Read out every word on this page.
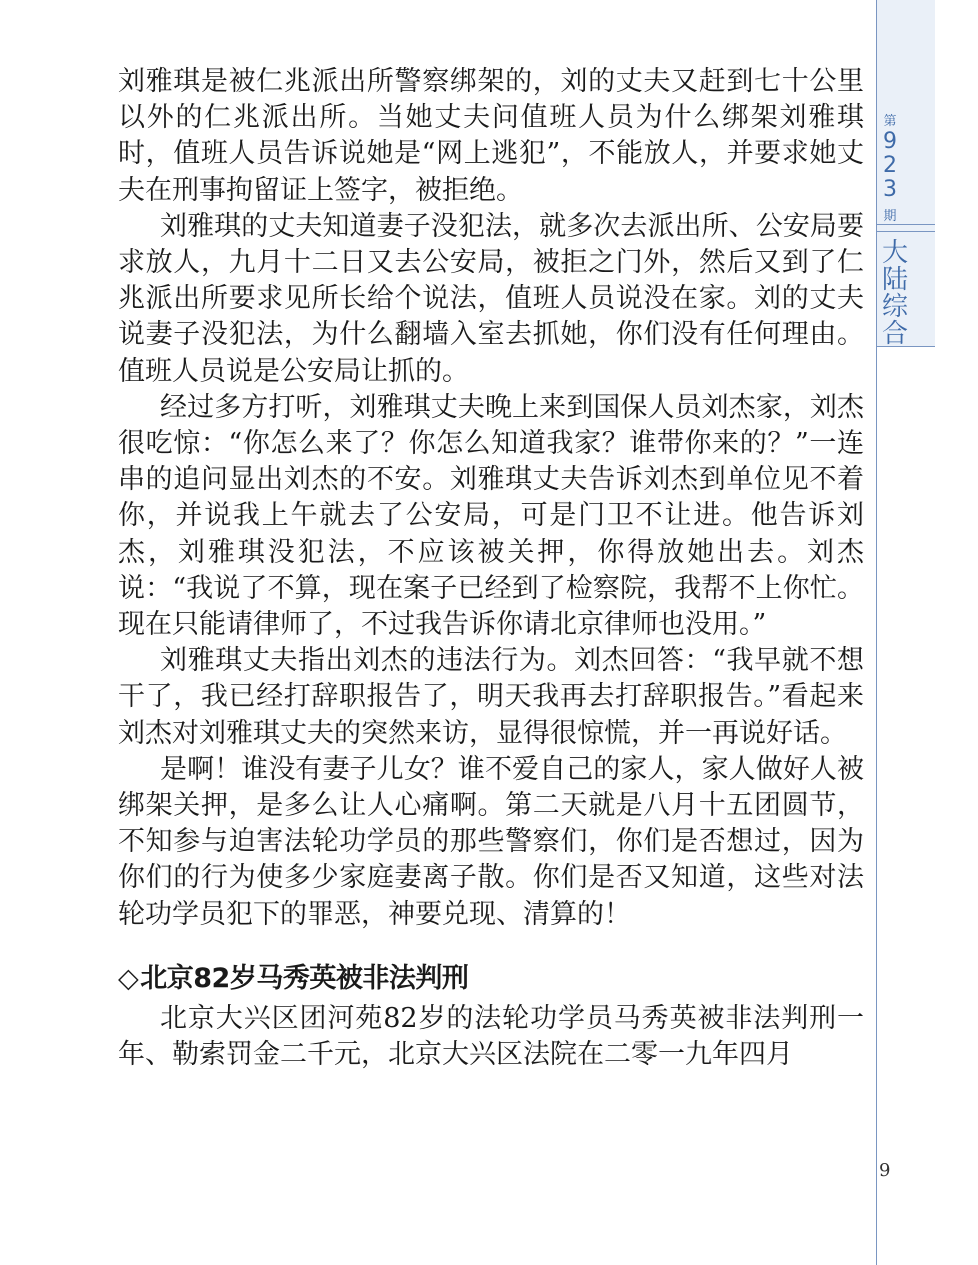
刘雅琪是被仁兆派出所警察绑架的，刘的丈夫又赶到七十公里以外的仁兆派出所。当她丈夫问值班人员为什么绑架刘雅琪时，值班人员告诉说她是“网上逃犯”，不能放人，并要求她丈夫在刑事拘留证上签字，被拒绝。

刘雅琪的丈夫知道妻子没犯法，就多次去派出所、公安局要求放人，九月十二日又去公安局，被拒之门外，然后又到了仁兆派出所要求见所长给个说法，值班人员说没在家。刘的丈夫说妻子没犯法，为什么翻墙入室去抓她，你们没有任何理由。值班人员说是公安局让抓的。

经过多方打听，刘雅琪丈夫晚上来到国保人员刘杰家，刘杰很吃惊：“你怎么来了？你怎么知道我家？谁带你来的？”一连串的追问显出刘杰的不安。刘雅琪丈夫告诉刘杰到单位见不着你，并说我上午就去了公安局，可是门卫不让进。他告诉刘杰，刘雅琪没犯法，不应该被关押，你得放她出去。刘杰说：“我说了不算，现在案子已经到了检察院，我帮不上你忙。现在只能请律师了，不过我告诉你请北京律师也没用。”

刘雅琪丈夫指出刘杰的违法行为。刘杰回答：“我早就不想干了，我已经打辞职报告了，明天我再去打辞职报告。”看起来刘杰对刘雅琪丈夫的突然来访，显得很惊慌，并一再说好话。

是啊！谁没有妻子儿女？谁不爱自己的家人，家人做好人被绑架关押，是多么让人心痛啊。第二天就是八月十五团圆节，不知参与迫害法轮功学员的那些警察们，你们是否想过，因为你们的行为使多少家庭妻离子散。你们是否又知道，这些对法轮功学员犯下的罪恶，神要兑现、清算的！

◇北京82岁马秀英被非法判刑

北京大兴区团河苑82岁的法轮功学员马秀英被非法判刑一年、勒索罚金二千元，北京大兴区法院在二零一九年四月

第
9
2
3
期
大
陆
综
合
9
